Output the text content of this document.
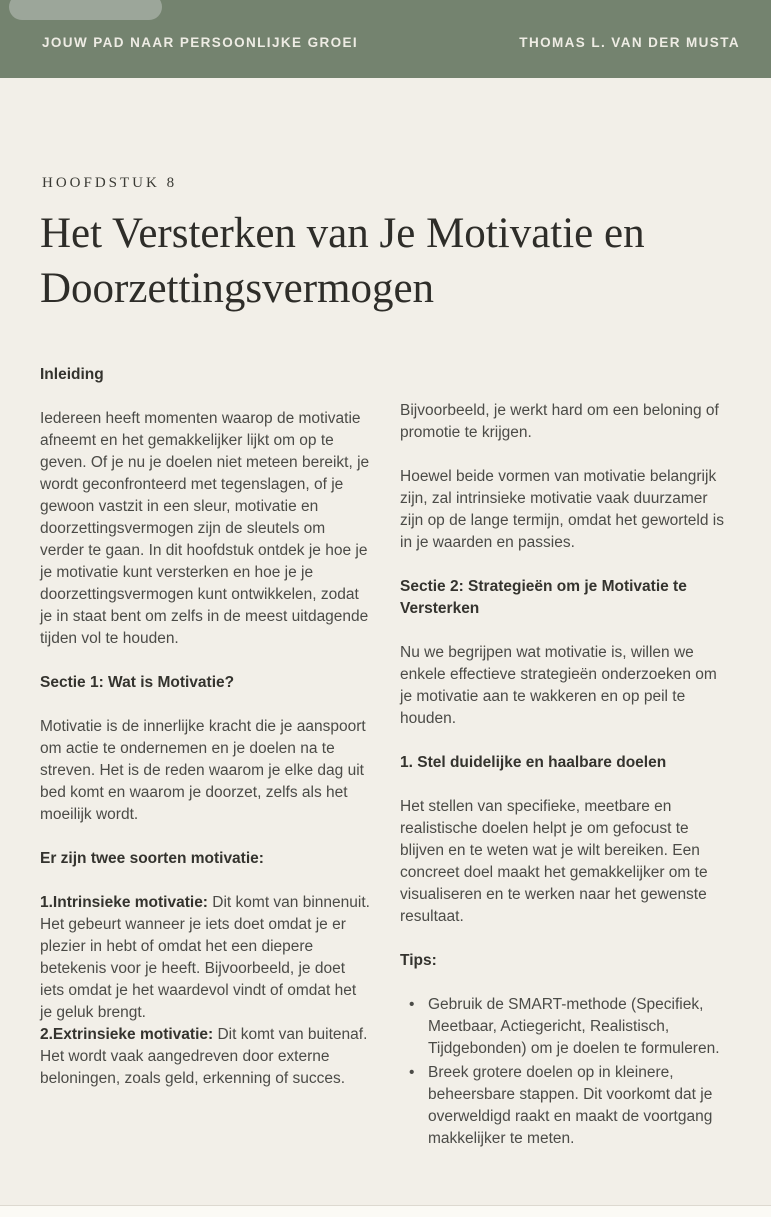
JOUW PAD NAAR PERSOONLIJKE GROEI	THOMAS L. VAN DER MUSTA
HOOFDSTUK 8
Het Versterken van Je Motivatie en Doorzettingsvermogen
Inleiding

Iedereen heeft momenten waarop de motivatie afneemt en het gemakkelijker lijkt om op te geven. Of je nu je doelen niet meteen bereikt, je wordt geconfronteerd met tegenslagen, of je gewoon vastzit in een sleur, motivatie en doorzettingsvermogen zijn de sleutels om verder te gaan. In dit hoofdstuk ontdek je hoe je je motivatie kunt versterken en hoe je je doorzettingsvermogen kunt ontwikkelen, zodat je in staat bent om zelfs in de meest uitdagende tijden vol te houden.

Sectie 1: Wat is Motivatie?

Motivatie is de innerlijke kracht die je aanspoort om actie te ondernemen en je doelen na te streven. Het is de reden waarom je elke dag uit bed komt en waarom je doorzet, zelfs als het moeilijk wordt.

Er zijn twee soorten motivatie:

1.Intrinsieke motivatie: Dit komt van binnenuit. Het gebeurt wanneer je iets doet omdat je er plezier in hebt of omdat het een diepere betekenis voor je heeft. Bijvoorbeeld, je doet iets omdat je het waardevol vindt of omdat het je geluk brengt.

2.Extrinsieke motivatie: Dit komt van buitenaf. Het wordt vaak aangedreven door externe beloningen, zoals geld, erkenning of succes.

Bijvoorbeeld, je werkt hard om een beloning of promotie te krijgen.

Hoewel beide vormen van motivatie belangrijk zijn, zal intrinsieke motivatie vaak duurzamer zijn op de lange termijn, omdat het geworteld is in je waarden en passies.

Sectie 2: Strategieën om je Motivatie te Versterken

Nu we begrijpen wat motivatie is, willen we enkele effectieve strategieën onderzoeken om je motivatie aan te wakkeren en op peil te houden.

1. Stel duidelijke en haalbare doelen

Het stellen van specifieke, meetbare en realistische doelen helpt je om gefocust te blijven en te weten wat je wilt bereiken. Een concreet doel maakt het gemakkelijker om te visualiseren en te werken naar het gewenste resultaat.

Tips:
• Gebruik de SMART-methode (Specifiek, Meetbaar, Actiegericht, Realistisch, Tijdgebonden) om je doelen te formuleren.
• Breek grotere doelen op in kleinere, beheersbare stappen. Dit voorkomt dat je overweldigd raakt en maakt de voortgang makkelijker te meten.
